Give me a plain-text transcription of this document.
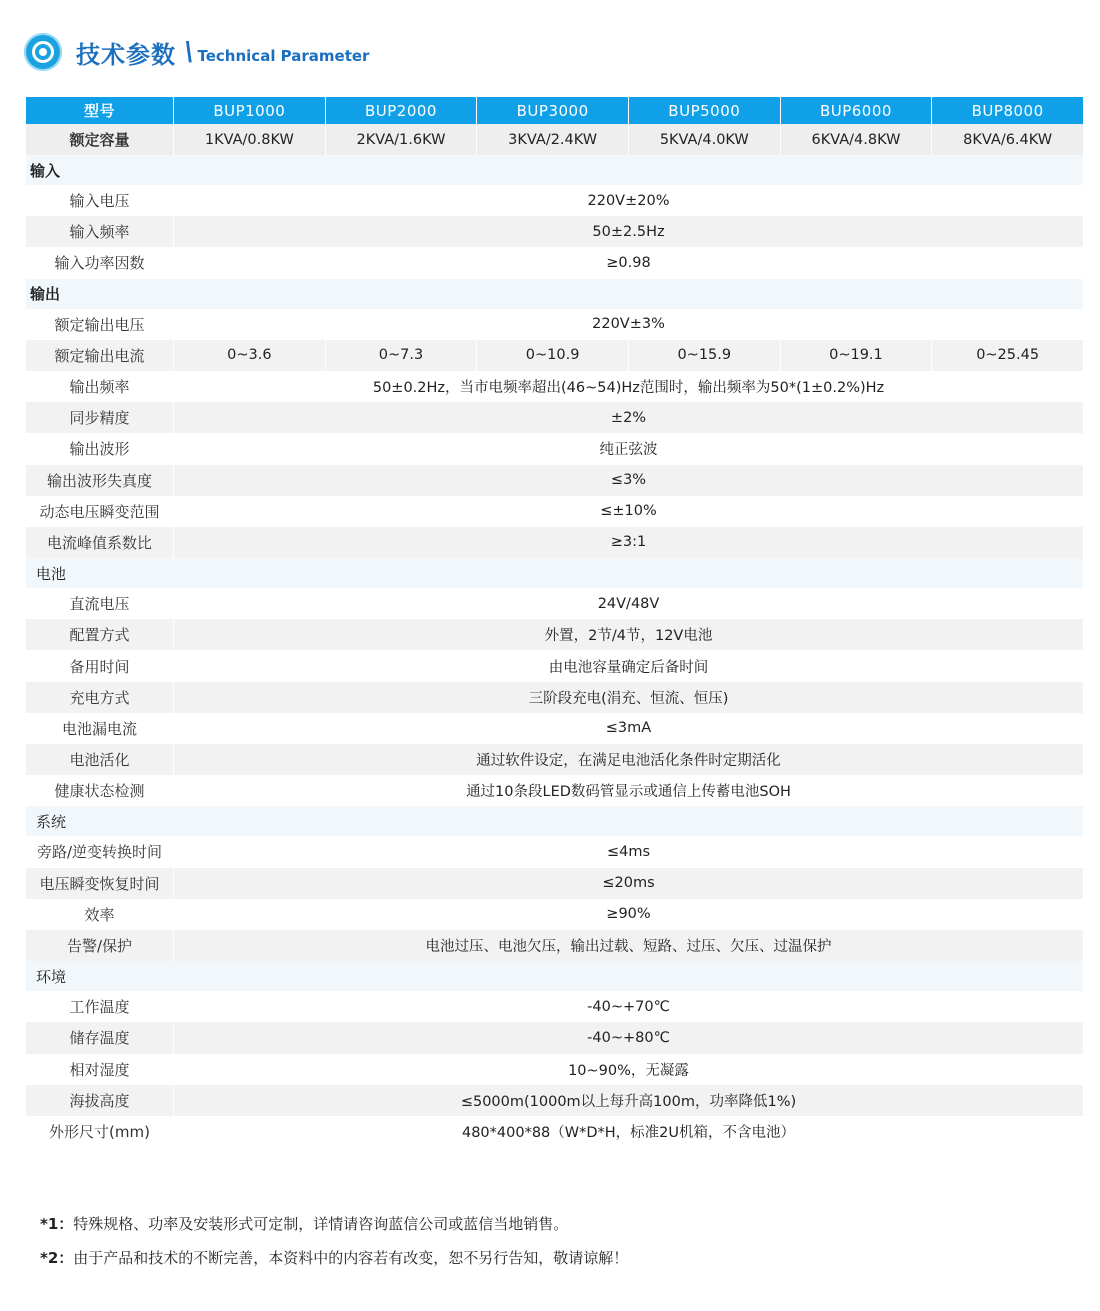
技术参数 \ Technical Parameter
型号	BUP1000	BUP2000	BUP3000	BUP5000	BUP6000	BUP8000
额定容量	1KVA/0.8KW	2KVA/1.6KW	3KVA/2.4KW	5KVA/4.0KW	6KVA/4.8KW	8KVA/6.4KW
输入						
输入电压	220V±20%					
输入频率	50±2.5Hz					
输入功率因数	≥0.98					
输出						
额定输出电压	220V±3%					
额定输出电流	0~3.6	0~7.3	0~10.9	0~15.9	0~19.1	0~25.45
输出频率	50±0.2Hz，当市电频率超出(46~54)Hz范围时，输出频率为50*(1±0.2%)Hz					
同步精度	±2%					
输出波形	纯正弦波					
输出波形失真度	≤3%					
动态电压瞬变范围	≤±10%					
电流峰值系数比	≥3:1					
电池						
直流电压	24V/48V					
配置方式	外置，2节/4节，12V电池					
备用时间	由电池容量确定后备时间					
充电方式	三阶段充电(涓充、恒流、恒压)					
电池漏电流	≤3mA					
电池活化	通过软件设定，在满足电池活化条件时定期活化					
健康状态检测	通过10条段LED数码管显示或通信上传蓄电池SOH					
系统						
旁路/逆变转换时间	≤4ms					
电压瞬变恢复时间	≤20ms					
效率	≥90%					
告警/保护	电池过压、电池欠压，输出过载、短路、过压、欠压、过温保护					
环境						
工作温度	-40~+70℃					
储存温度	-40~+80℃					
相对湿度	10~90%，无凝露					
海拔高度	≤5000m(1000m以上每升高100m，功率降低1%)					
外形尺寸(mm)	480*400*88（W*D*H，标准2U机箱，不含电池）					
*1：特殊规格、功率及安装形式可定制，详情请咨询蓝信公司或蓝信当地销售。
*2：由于产品和技术的不断完善，本资料中的内容若有改变，恕不另行告知，敬请谅解！
